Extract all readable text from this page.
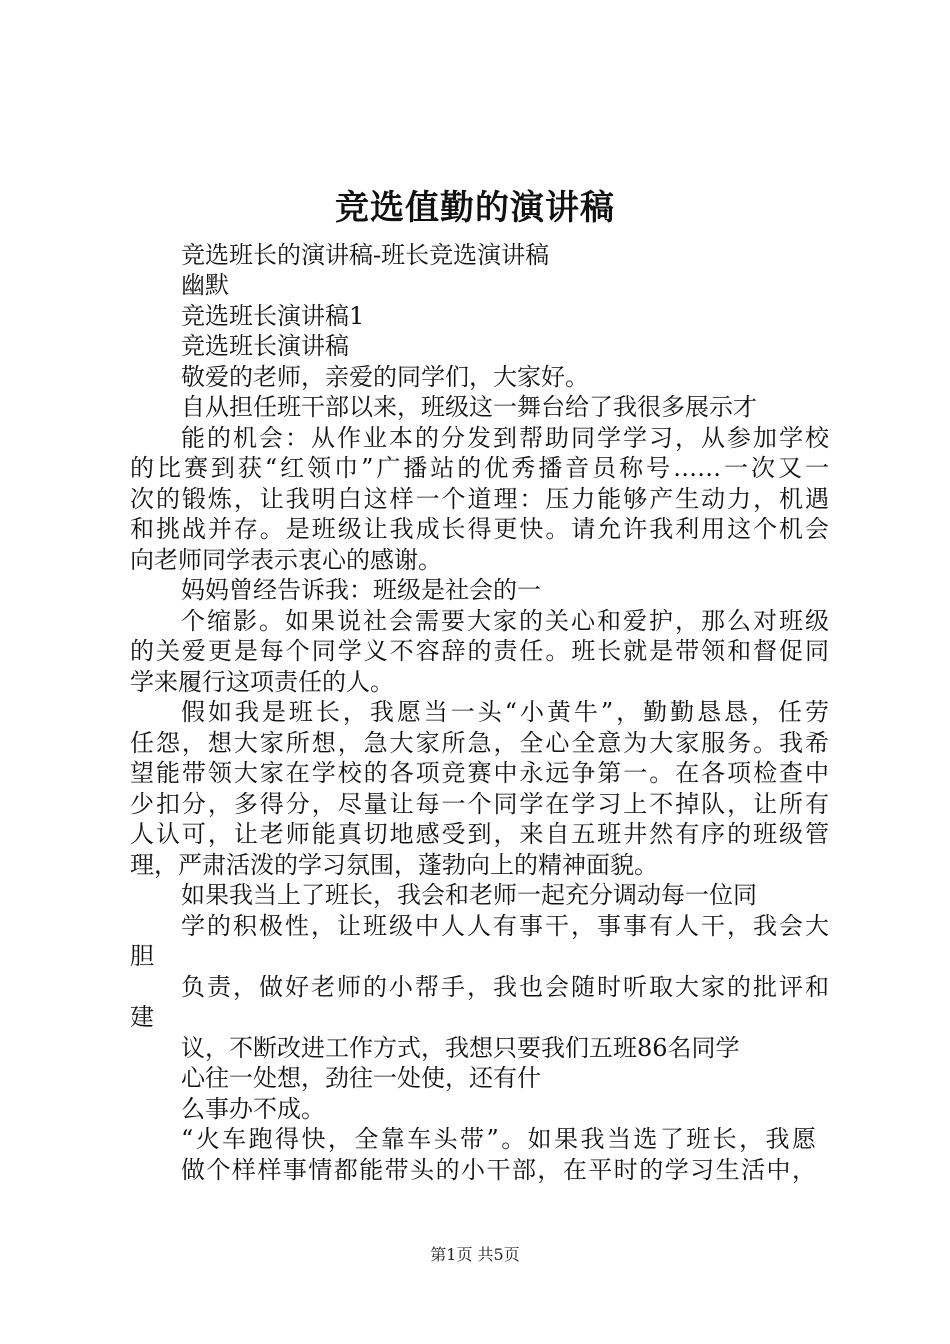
竞选值勤的演讲稿
竞选班长的演讲稿-班长竞选演讲稿
幽默
竞选班长演讲稿1
竞选班长演讲稿
敬爱的老师，亲爱的同学们，大家好。
自从担任班干部以来，班级这一舞台给了我很多展示才
能的机会：从作业本的分发到帮助同学学习，从参加学校
的比赛到获“红领巾”广播站的优秀播音员称号……一次又一
次的锻炼，让我明白这样一个道理：压力能够产生动力，机遇
和挑战并存。是班级让我成长得更快。请允许我利用这个机会
向老师同学表示衷心的感谢。
妈妈曾经告诉我：班级是社会的一
个缩影。如果说社会需要大家的关心和爱护，那么对班级
的关爱更是每个同学义不容辞的责任。班长就是带领和督促同
学来履行这项责任的人。
假如我是班长，我愿当一头“小黄牛”，勤勤恳恳，任劳
任怨，想大家所想，急大家所急，全心全意为大家服务。我希
望能带领大家在学校的各项竞赛中永远争第一。在各项检查中
少扣分，多得分，尽量让每一个同学在学习上不掉队，让所有
人认可，让老师能真切地感受到，来自五班井然有序的班级管
理，严肃活泼的学习氛围，蓬勃向上的精神面貌。
如果我当上了班长，我会和老师一起充分调动每一位同
学的积极性，让班级中人人有事干，事事有人干，我会大
胆
负责，做好老师的小帮手，我也会随时听取大家的批评和
建
议，不断改进工作方式，我想只要我们五班86名同学
心往一处想，劲往一处使，还有什
么事办不成。
“火车跑得快，全靠车头带”。如果我当选了班长，我愿
做个样样事情都能带头的小干部，在平时的学习生活中，
第1页 共5页
